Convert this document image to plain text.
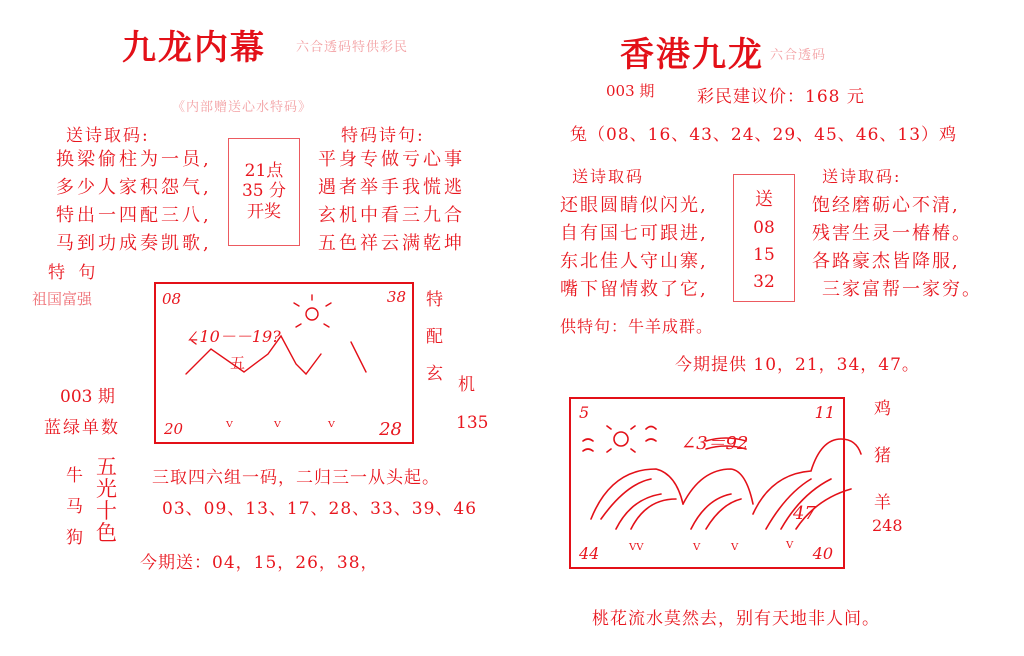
九龙内幕 六合透码特供彩民
《内部赠送心水特码》
送诗取码:
换梁偷柱为一员,
多少人家积怨气,
特出一四配三八,
马到功成奏凯歌,
特 句
祖国富强
21点
35 分
开奖
特码诗句:
平身专做亏心事
遇者举手我慌逃
玄机中看三九合
五色祥云满乾坤
08	38
20	28
∠10－－19?
五
ⱽ	ⱽ	ⱽ
特
配
玄
机
135
003 期
蓝绿单数
牛
马
狗
五
光
十
色
三取四六组一码，二归三一从头起。
03、09、13、17、28、33、39、46
今期送：04，15，26，38，
香港九龙 六合透码
003 期	彩民建议价：168 元
兔（08、16、43、24、29、45、46、13）鸡
送诗取码
还眼圆睛似闪光,
自有国七可跟进,
东北佳人守山寨,
嘴下留情救了它,
送
08
15
32
送诗取码:
饱经磨砺心不清,
残害生灵一椿椿。
各路豪杰皆降服,
三家富帮一家穷。
供特句：牛羊成群。
今期提供 10，21，34，47。
5	11
44	40
∠3＝92
47
ⱽⱽ	ⱽ ⱽ	ⱽ
鸡
猪
羊
248
桃花流水莫然去，别有天地非人间。
